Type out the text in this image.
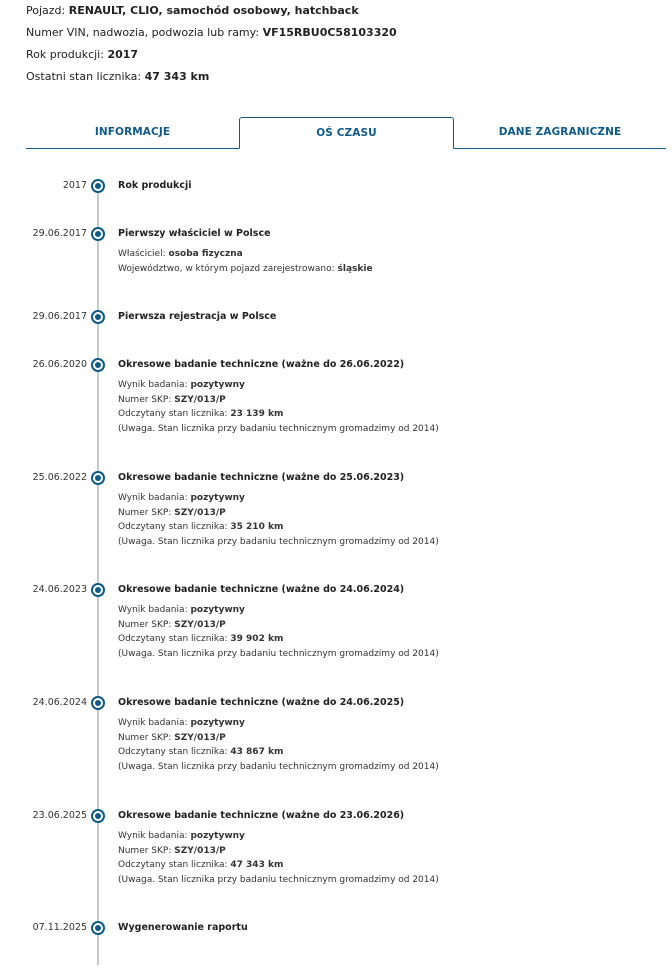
Pojazd: RENAULT, CLIO, samochód osobowy, hatchback
Numer VIN, nadwozia, podwozia lub ramy: VF15RBU0C58103320
Rok produkcji: 2017
Ostatni stan licznika: 47 343 km
INFORMACJE	OŚ CZASU	DANE ZAGRANICZNE
2017	Rok produkcji
29.06.2017	Pierwszy właściciel w Polsce
Właściciel: osoba fizyczna
Województwo, w którym pojazd zarejestrowano: śląskie
29.06.2017	Pierwsza rejestracja w Polsce
26.06.2020	Okresowe badanie techniczne (ważne do 26.06.2022)
Wynik badania: pozytywny
Numer SKP: SZY/013/P
Odczytany stan licznika: 23 139 km
(Uwaga. Stan licznika przy badaniu technicznym gromadzimy od 2014)
25.06.2022	Okresowe badanie techniczne (ważne do 25.06.2023)
Wynik badania: pozytywny
Numer SKP: SZY/013/P
Odczytany stan licznika: 35 210 km
(Uwaga. Stan licznika przy badaniu technicznym gromadzimy od 2014)
24.06.2023	Okresowe badanie techniczne (ważne do 24.06.2024)
Wynik badania: pozytywny
Numer SKP: SZY/013/P
Odczytany stan licznika: 39 902 km
(Uwaga. Stan licznika przy badaniu technicznym gromadzimy od 2014)
24.06.2024	Okresowe badanie techniczne (ważne do 24.06.2025)
Wynik badania: pozytywny
Numer SKP: SZY/013/P
Odczytany stan licznika: 43 867 km
(Uwaga. Stan licznika przy badaniu technicznym gromadzimy od 2014)
23.06.2025	Okresowe badanie techniczne (ważne do 23.06.2026)
Wynik badania: pozytywny
Numer SKP: SZY/013/P
Odczytany stan licznika: 47 343 km
(Uwaga. Stan licznika przy badaniu technicznym gromadzimy od 2014)
07.11.2025	Wygenerowanie raportu
